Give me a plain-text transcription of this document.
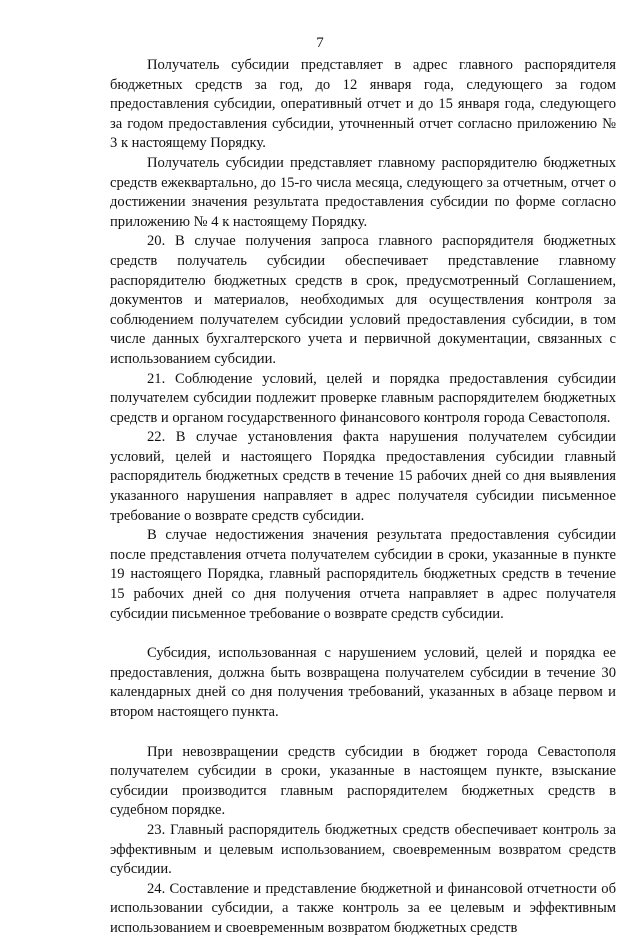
7

Получатель субсидии представляет в адрес главного распорядителя бюджетных средств за год, до 12 января года, следующего за годом предоставления субсидии, оперативный отчет и до 15 января года, следующего за годом предоставления субсидии, уточненный отчет согласно приложению № 3 к настоящему Порядку.

Получатель субсидии представляет главному распорядителю бюджетных средств ежеквартально, до 15-го числа месяца, следующего за отчетным, отчет о достижении значения результата предоставления субсидии по форме согласно приложению № 4 к настоящему Порядку.

20. В случае получения запроса главного распорядителя бюджетных средств получатель субсидии обеспечивает представление главному распорядителю бюджетных средств в срок, предусмотренный Соглашением, документов и материалов, необходимых для осуществления контроля за соблюдением получателем субсидии условий предоставления субсидии, в том числе данных бухгалтерского учета и первичной документации, связанных с использованием субсидии.

21. Соблюдение условий, целей и порядка предоставления субсидии получателем субсидии подлежит проверке главным распорядителем бюджетных средств и органом государственного финансового контроля города Севастополя.

22. В случае установления факта нарушения получателем субсидии условий, целей и настоящего Порядка предоставления субсидии главный распорядитель бюджетных средств в течение 15 рабочих дней со дня выявления указанного нарушения направляет в адрес получателя субсидии письменное требование о возврате средств субсидии.

В случае недостижения значения результата предоставления субсидии после представления отчета получателем субсидии в сроки, указанные в пункте 19 настоящего Порядка, главный распорядитель бюджетных средств в течение 15 рабочих дней со дня получения отчета направляет в адрес получателя субсидии письменное требование о возврате средств субсидии.

Субсидия, использованная с нарушением условий, целей и порядка ее предоставления, должна быть возвращена получателем субсидии в течение 30 календарных дней со дня получения требований, указанных в абзаце первом и втором настоящего пункта.

При невозвращении средств субсидии в бюджет города Севастополя получателем субсидии в сроки, указанные в настоящем пункте, взыскание субсидии производится главным распорядителем бюджетных средств в судебном порядке.

23. Главный распорядитель бюджетных средств обеспечивает контроль за эффективным и целевым использованием, своевременным возвратом средств субсидии.

24. Составление и представление бюджетной и финансовой отчетности об использовании субсидии, а также контроль за ее целевым и эффективным использованием и своевременным возвратом бюджетных средств
